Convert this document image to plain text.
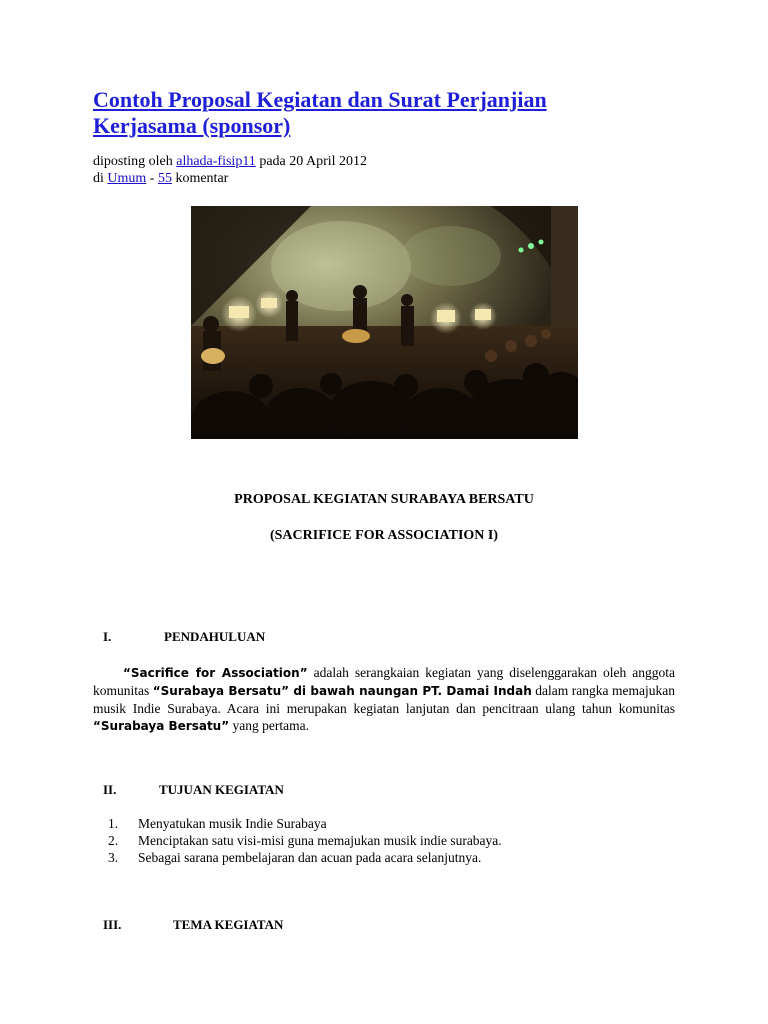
Contoh Proposal Kegiatan dan Surat Perjanjian Kerjasama (sponsor)
diposting oleh alhada-fisip11 pada 20 April 2012
di Umum - 55 komentar
PROPOSAL KEGIATAN SURABAYA BERSATU
(SACRIFICE FOR ASSOCIATION I)
I.	PENDAHULUAN

“Sacrifice for Association” adalah serangkaian kegiatan yang diselenggarakan oleh anggota komunitas “Surabaya Bersatu” di bawah naungan PT. Damai Indah dalam rangka memajukan musik Indie Surabaya. Acara ini merupakan kegiatan lanjutan dan pencitraan ulang tahun komunitas “Surabaya Bersatu” yang pertama.

II.	TUJUAN KEGIATAN
1. Menyatukan musik Indie Surabaya
2. Menciptakan satu visi-misi guna memajukan musik indie surabaya.
3. Sebagai sarana pembelajaran dan acuan pada acara selanjutnya.
III.	TEMA KEGIATAN
